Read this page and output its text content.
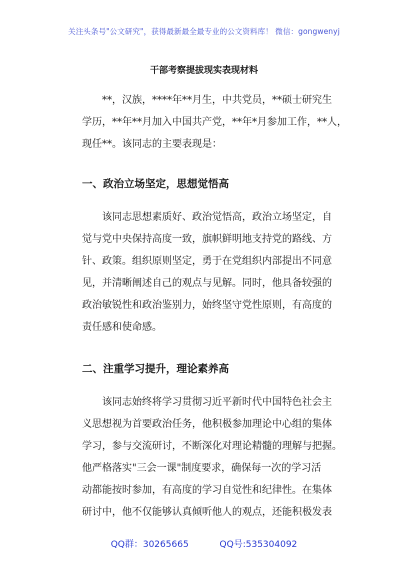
关注头条号"公文研究"，获得最新最全最专业的公文资料库！ 微信：gongwenyj
干部考察提拔现实表现材料
**，汉族，****年**月生，中共党员，**硕士研究生
学历，**年**月加入中国共产党，**年*月参加工作，**人，
现任**。该同志的主要表现是：
一、政治立场坚定，思想觉悟高
该同志思想素质好、政治觉悟高，政治立场坚定，自
觉与党中央保持高度一致，旗帜鲜明地支持党的路线、方
针、政策。组织原则坚定，勇于在党组织内部提出不同意
见，并清晰阐述自己的观点与见解。同时，他具备较强的
政治敏锐性和政治鉴别力，始终坚守党性原则，有高度的
责任感和使命感。
二、注重学习提升，理论素养高
该同志始终将学习贯彻习近平新时代中国特色社会主
义思想视为首要政治任务，他积极参加理论中心组的集体
学习，参与交流研讨，不断深化对理论精髓的理解与把握。
他严格落实"三会一课"制度要求，确保每一次的学习活
动都能按时参加，有高度的学习自觉性和纪律性。在集体
研讨中，他不仅能够认真倾听他人的观点，还能积极发表
QQ群：30265665	QQ号:535304092
